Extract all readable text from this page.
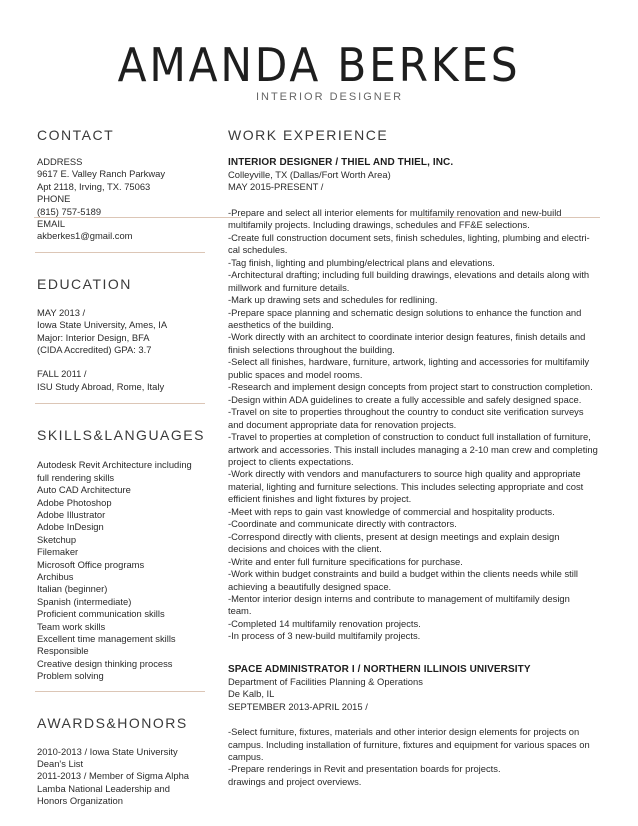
AMANDA BERKES
INTERIOR DESIGNER
CONTACT

ADDRESS

9617 E. Valley Ranch Parkway

Apt 2118, Irving, TX. 75063

PHONE

(815) 757-5189

EMAIL

akberkes1@gmail.com

EDUCATION

MAY 2013 /

Iowa State University, Ames, IA

Major: Interior Design, BFA

(CIDA Accredited) GPA: 3.7

FALL 2011 /

ISU Study Abroad, Rome, Italy

SKILLS&LANGUAGES

Autodesk Revit Architecture including

full rendering skills

Auto CAD Architecture

Adobe Photoshop

Adobe Illustrator

Adobe InDesign

Sketchup

Filemaker

Microsoft Office programs

Archibus

Italian (beginner)

Spanish (intermediate)

Proficient communication skills

Team work skills

Excellent time management skills

Responsible

Creative design thinking process

Problem solving

AWARDS&HONORS

2010-2013 / Iowa State University

Dean's List

2011-2013 / Member of Sigma Alpha

Lamba National Leadership and

Honors Organization

WORK EXPERIENCE

INTERIOR DESIGNER / THIEL AND THIEL, INC.

Colleyville, TX (Dallas/Fort Worth Area)

MAY 2015-PRESENT /

-Prepare and select all interior elements for multifamily renovation and new-build

multifamily projects. Including drawings, schedules and FF&E selections.

-Create full construction document sets, finish schedules, lighting, plumbing and electri-

cal schedules.

-Tag finish, lighting and plumbing/electrical plans and elevations.

-Architectural drafting; including full building drawings, elevations and details along with

millwork and furniture details.

-Mark up drawing sets and schedules for redlining.

-Prepare space planning and schematic design solutions to enhance the function and

aesthetics of the building.

-Work directly with an architect to coordinate interior design features, finish details and

finish selections throughout the building.

-Select all finishes, hardware, furniture, artwork, lighting and accessories for multifamily

public spaces and model rooms.

-Research and implement design concepts from project start to construction completion.

-Design within ADA guidelines to create a fully accessible and safely designed space.

-Travel on site to properties throughout the country to conduct site verification surveys

and document appropriate data for renovation projects.

-Travel to properties at completion of construction to conduct full installation of furniture,

artwork and accessories. This install includes managing a 2-10 man crew and completing

project to clients expectations.

-Work directly with vendors and manufacturers to source high quality and appropriate

material, lighting and furniture selections. This includes selecting appropriate and cost

efficient finishes and light fixtures by project.

-Meet with reps to gain vast knowledge of commercial and hospitality products.

-Coordinate and communicate directly with contractors.

-Correspond directly with clients, present at design meetings and explain design

decisions and choices with the client.

-Write and enter full furniture specifications for purchase.

-Work within budget constraints and build a budget within the clients needs while still

achieving a beautifully designed space.

-Mentor interior design interns and contribute to management of multifamily design

team.

-Completed 14 multifamily renovation projects.

-In process of 3 new-build multifamily projects.

SPACE ADMINISTRATOR I / NORTHERN ILLINOIS UNIVERSITY

Department of Facilities Planning & Operations

De Kalb, IL

SEPTEMBER 2013-APRIL 2015 /

-Select furniture, fixtures, materials and other interior design elements for projects on

campus. Including installation of furniture, fixtures and equipment for various spaces on

campus.

-Prepare renderings in Revit and presentation boards for projects.

drawings and project overviews.
